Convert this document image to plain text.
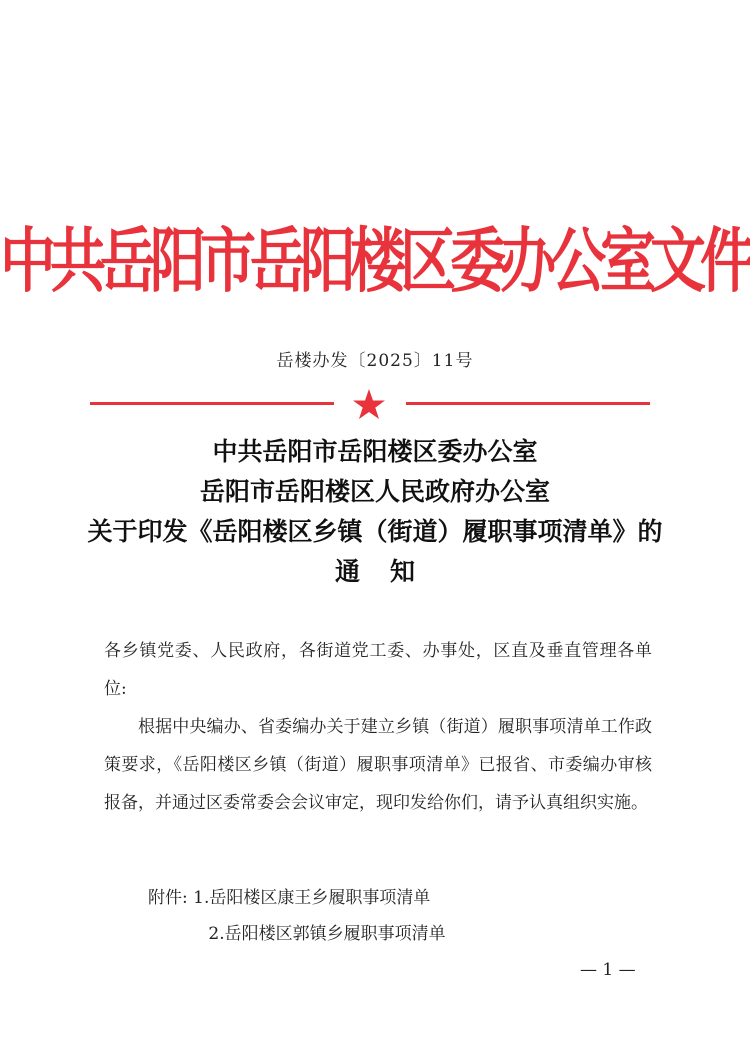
中共岳阳市岳阳楼区委办公室文件
岳楼办发〔2025〕11号
中共岳阳市岳阳楼区委办公室
岳阳市岳阳楼区人民政府办公室
关于印发《岳阳楼区乡镇（街道）履职事项清单》的
通知
各乡镇党委、人民政府，各街道党工委、办事处，区直及垂直管理各单位:
根据中央编办、省委编办关于建立乡镇（街道）履职事项清单工作政策要求，《岳阳楼区乡镇（街道）履职事项清单》已报省、市委编办审核报备，并通过区委常委会会议审定，现印发给你们，请予认真组织实施。
附件: 1.岳阳楼区康王乡履职事项清单
2.岳阳楼区郭镇乡履职事项清单
— 1 —
